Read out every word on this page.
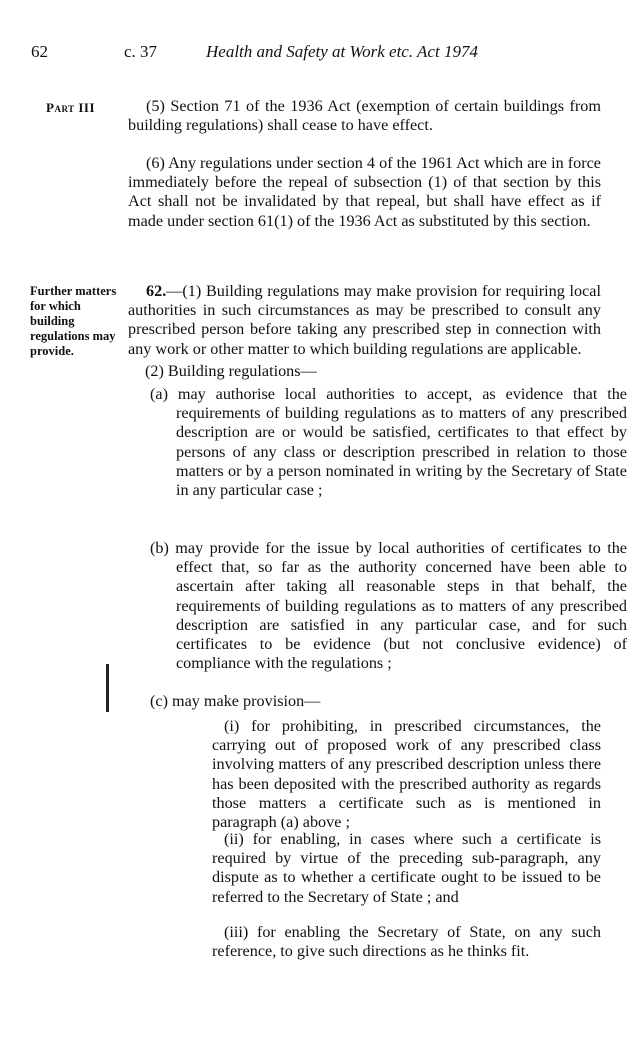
62	c. 37	Health and Safety at Work etc. Act 1974
Part III
Further matters for which building regulations may provide.

(5) Section 71 of the 1936 Act (exemption of certain buildings from building regulations) shall cease to have effect.

(6) Any regulations under section 4 of the 1961 Act which are in force immediately before the repeal of subsection (1) of that section by this Act shall not be invalidated by that repeal, but shall have effect as if made under section 61(1) of the 1936 Act as substituted by this section.

62.—(1) Building regulations may make provision for requiring local authorities in such circumstances as may be prescribed to consult any prescribed person before taking any prescribed step in connection with any work or other matter to which building regulations are applicable.

(2) Building regulations—

(a) may authorise local authorities to accept, as evidence that the requirements of building regulations as to matters of any prescribed description are or would be satisfied, certificates to that effect by persons of any class or description prescribed in relation to those matters or by a person nominated in writing by the Secretary of State in any particular case ;

(b) may provide for the issue by local authorities of certificates to the effect that, so far as the authority concerned have been able to ascertain after taking all reasonable steps in that behalf, the requirements of building regulations as to matters of any prescribed description are satisfied in any particular case, and for such certificates to be evidence (but not conclusive evidence) of compliance with the regulations ;

(c) may make provision—

(i) for prohibiting, in prescribed circumstances, the carrying out of proposed work of any prescribed class involving matters of any prescribed description unless there has been deposited with the prescribed authority as regards those matters a certificate such as is mentioned in paragraph (a) above ;

(ii) for enabling, in cases where such a certificate is required by virtue of the preceding sub-paragraph, any dispute as to whether a certificate ought to be issued to be referred to the Secretary of State ; and

(iii) for enabling the Secretary of State, on any such reference, to give such directions as he thinks fit.
